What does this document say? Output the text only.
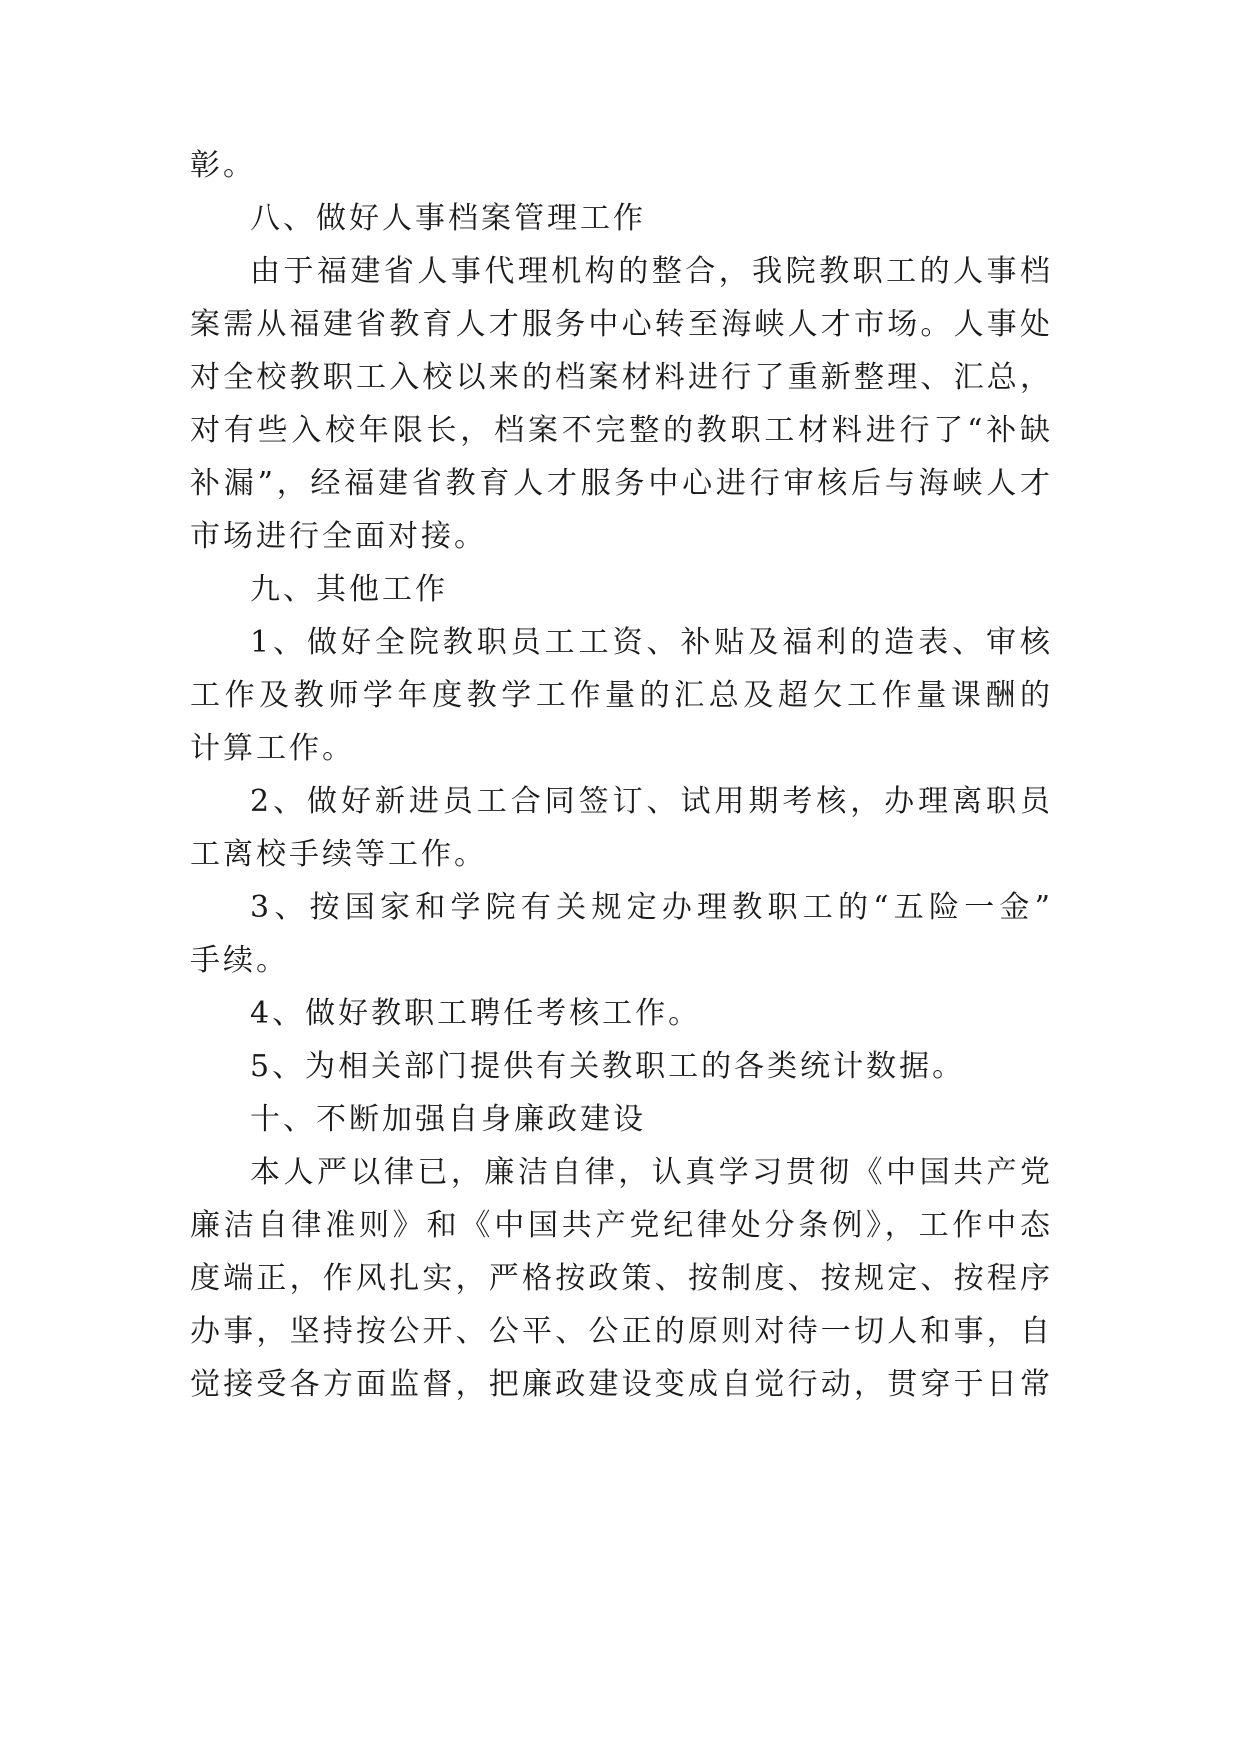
彰。
八、做好人事档案管理工作
由于福建省人事代理机构的整合，我院教职工的人事档
案需从福建省教育人才服务中心转至海峡人才市场。人事处
对全校教职工入校以来的档案材料进行了重新整理、汇总，
对有些入校年限长，档案不完整的教职工材料进行了“补缺
补漏”，经福建省教育人才服务中心进行审核后与海峡人才
市场进行全面对接。
九、其他工作
1、做好全院教职员工工资、补贴及福利的造表、审核
工作及教师学年度教学工作量的汇总及超欠工作量课酬的
计算工作。
2、做好新进员工合同签订、试用期考核，办理离职员
工离校手续等工作。
3、按国家和学院有关规定办理教职工的“五险一金”
手续。
4、做好教职工聘任考核工作。
5、为相关部门提供有关教职工的各类统计数据。
十、不断加强自身廉政建设
本人严以律已，廉洁自律，认真学习贯彻《中国共产党
廉洁自律准则》和《中国共产党纪律处分条例》，工作中态
度端正，作风扎实，严格按政策、按制度、按规定、按程序
办事，坚持按公开、公平、公正的原则对待一切人和事，自
觉接受各方面监督，把廉政建设变成自觉行动，贯穿于日常
